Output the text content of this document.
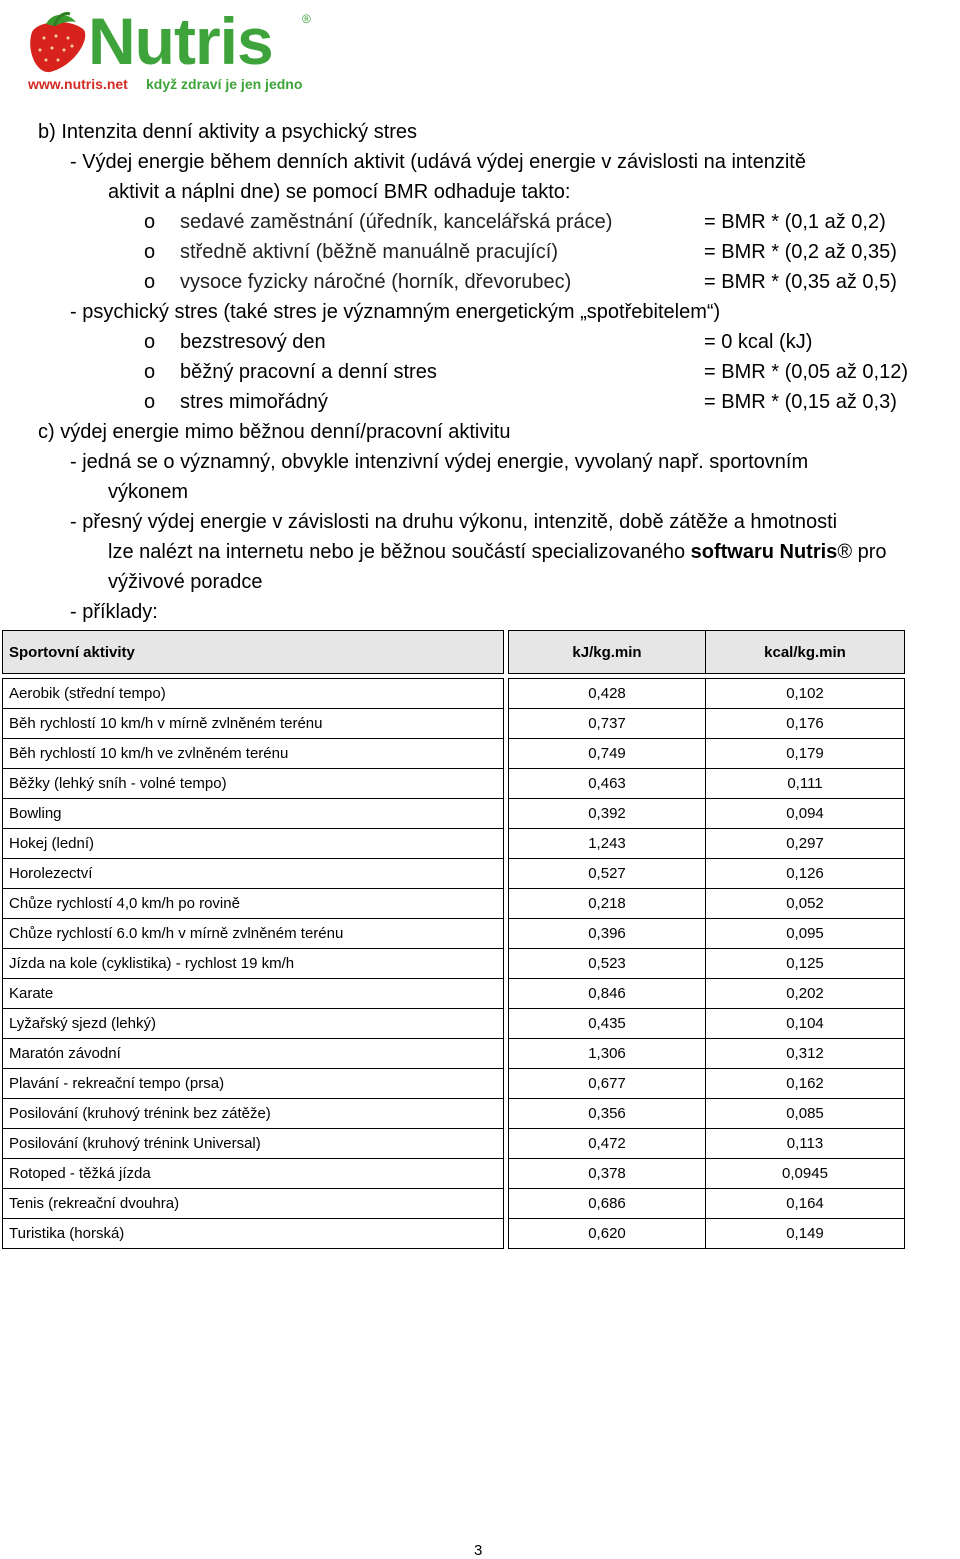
Nutris ®
www.nutris.net když zdraví je jen jedno
b) Intenzita denní aktivity a psychický stres
- Výdej energie během denních aktivit (udává výdej energie v závislosti na intenzitě
aktivit a náplni dne) se pomocí BMR odhaduje takto:
o sedavé zaměstnání (úředník, kancelářská práce)	= BMR * (0,1 až 0,2)
o středně aktivní (běžně manuálně pracující)	= BMR * (0,2 až 0,35)
o vysoce fyzicky náročné (horník, dřevorubec)	= BMR * (0,35 až 0,5)
- psychický stres (také stres je významným energetickým „spotřebitelem“)
o bezstresový den	= 0 kcal (kJ)
o běžný pracovní a denní stres	= BMR * (0,05 až 0,12)
o stres mimořádný	= BMR * (0,15 až 0,3)
c) výdej energie mimo běžnou denní/pracovní aktivitu
- jedná se o významný, obvykle intenzivní výdej energie, vyvolaný např. sportovním
výkonem
- přesný výdej energie v závislosti na druhu výkonu, intenzitě, době zátěže a hmotnosti
lze nalézt na internetu nebo je běžnou součástí specializovaného softwaru Nutris® pro
výživové poradce
- příklady:
Sportovní aktivity		kJ/kg.min	kcal/kg.min

Aerobik (střední tempo)		0,428	0,102
Běh rychlostí 10 km/h v mírně zvlněném terénu		0,737	0,176
Běh rychlostí 10 km/h ve zvlněném terénu		0,749	0,179
Běžky (lehký sníh - volné tempo)		0,463	0,111
Bowling		0,392	0,094
Hokej (lední)		1,243	0,297
Horolezectví		0,527	0,126
Chůze rychlostí 4,0 km/h po rovině		0,218	0,052
Chůze rychlostí 6.0 km/h v mírně zvlněném terénu		0,396	0,095
Jízda na kole (cyklistika) - rychlost 19 km/h		0,523	0,125
Karate		0,846	0,202
Lyžařský sjezd (lehký)		0,435	0,104
Maratón závodní		1,306	0,312
Plavání - rekreační tempo (prsa)		0,677	0,162
Posilování (kruhový trénink bez zátěže)		0,356	0,085
Posilování (kruhový trénink Universal)		0,472	0,113
Rotoped - těžká jízda		0,378	0,0945
Tenis (rekreační dvouhra)		0,686	0,164
Turistika (horská)		0,620	0,149
3
